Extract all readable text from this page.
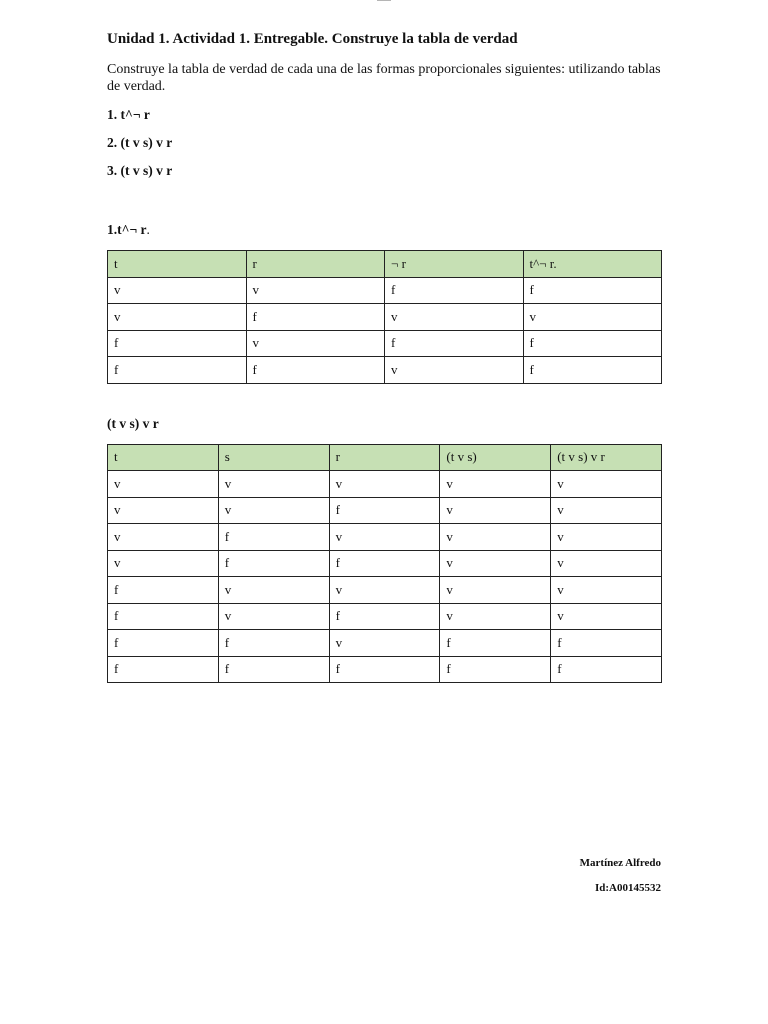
Unidad 1. Actividad 1. Entregable. Construye la tabla de verdad

Construye la tabla de verdad de cada una de las formas proporcionales siguientes: utilizando tablas de verdad.

1. t^¬ r

2. (t v s) v r

3. (t v s) v r

1.t^¬ r.

t	r	¬ r	t^¬ r.
v	v	f	f
v	f	v	v
f	v	f	f
f	f	v	f

(t v s) v r

t	s	r	(t v s)	(t v s) v r
v	v	v	v	v
v	v	f	v	v
v	f	v	v	v
v	f	f	v	v
f	v	v	v	v
f	v	f	v	v
f	f	v	f	f
f	f	f	f	f
Martínez Alfredo
Id:A00145532
